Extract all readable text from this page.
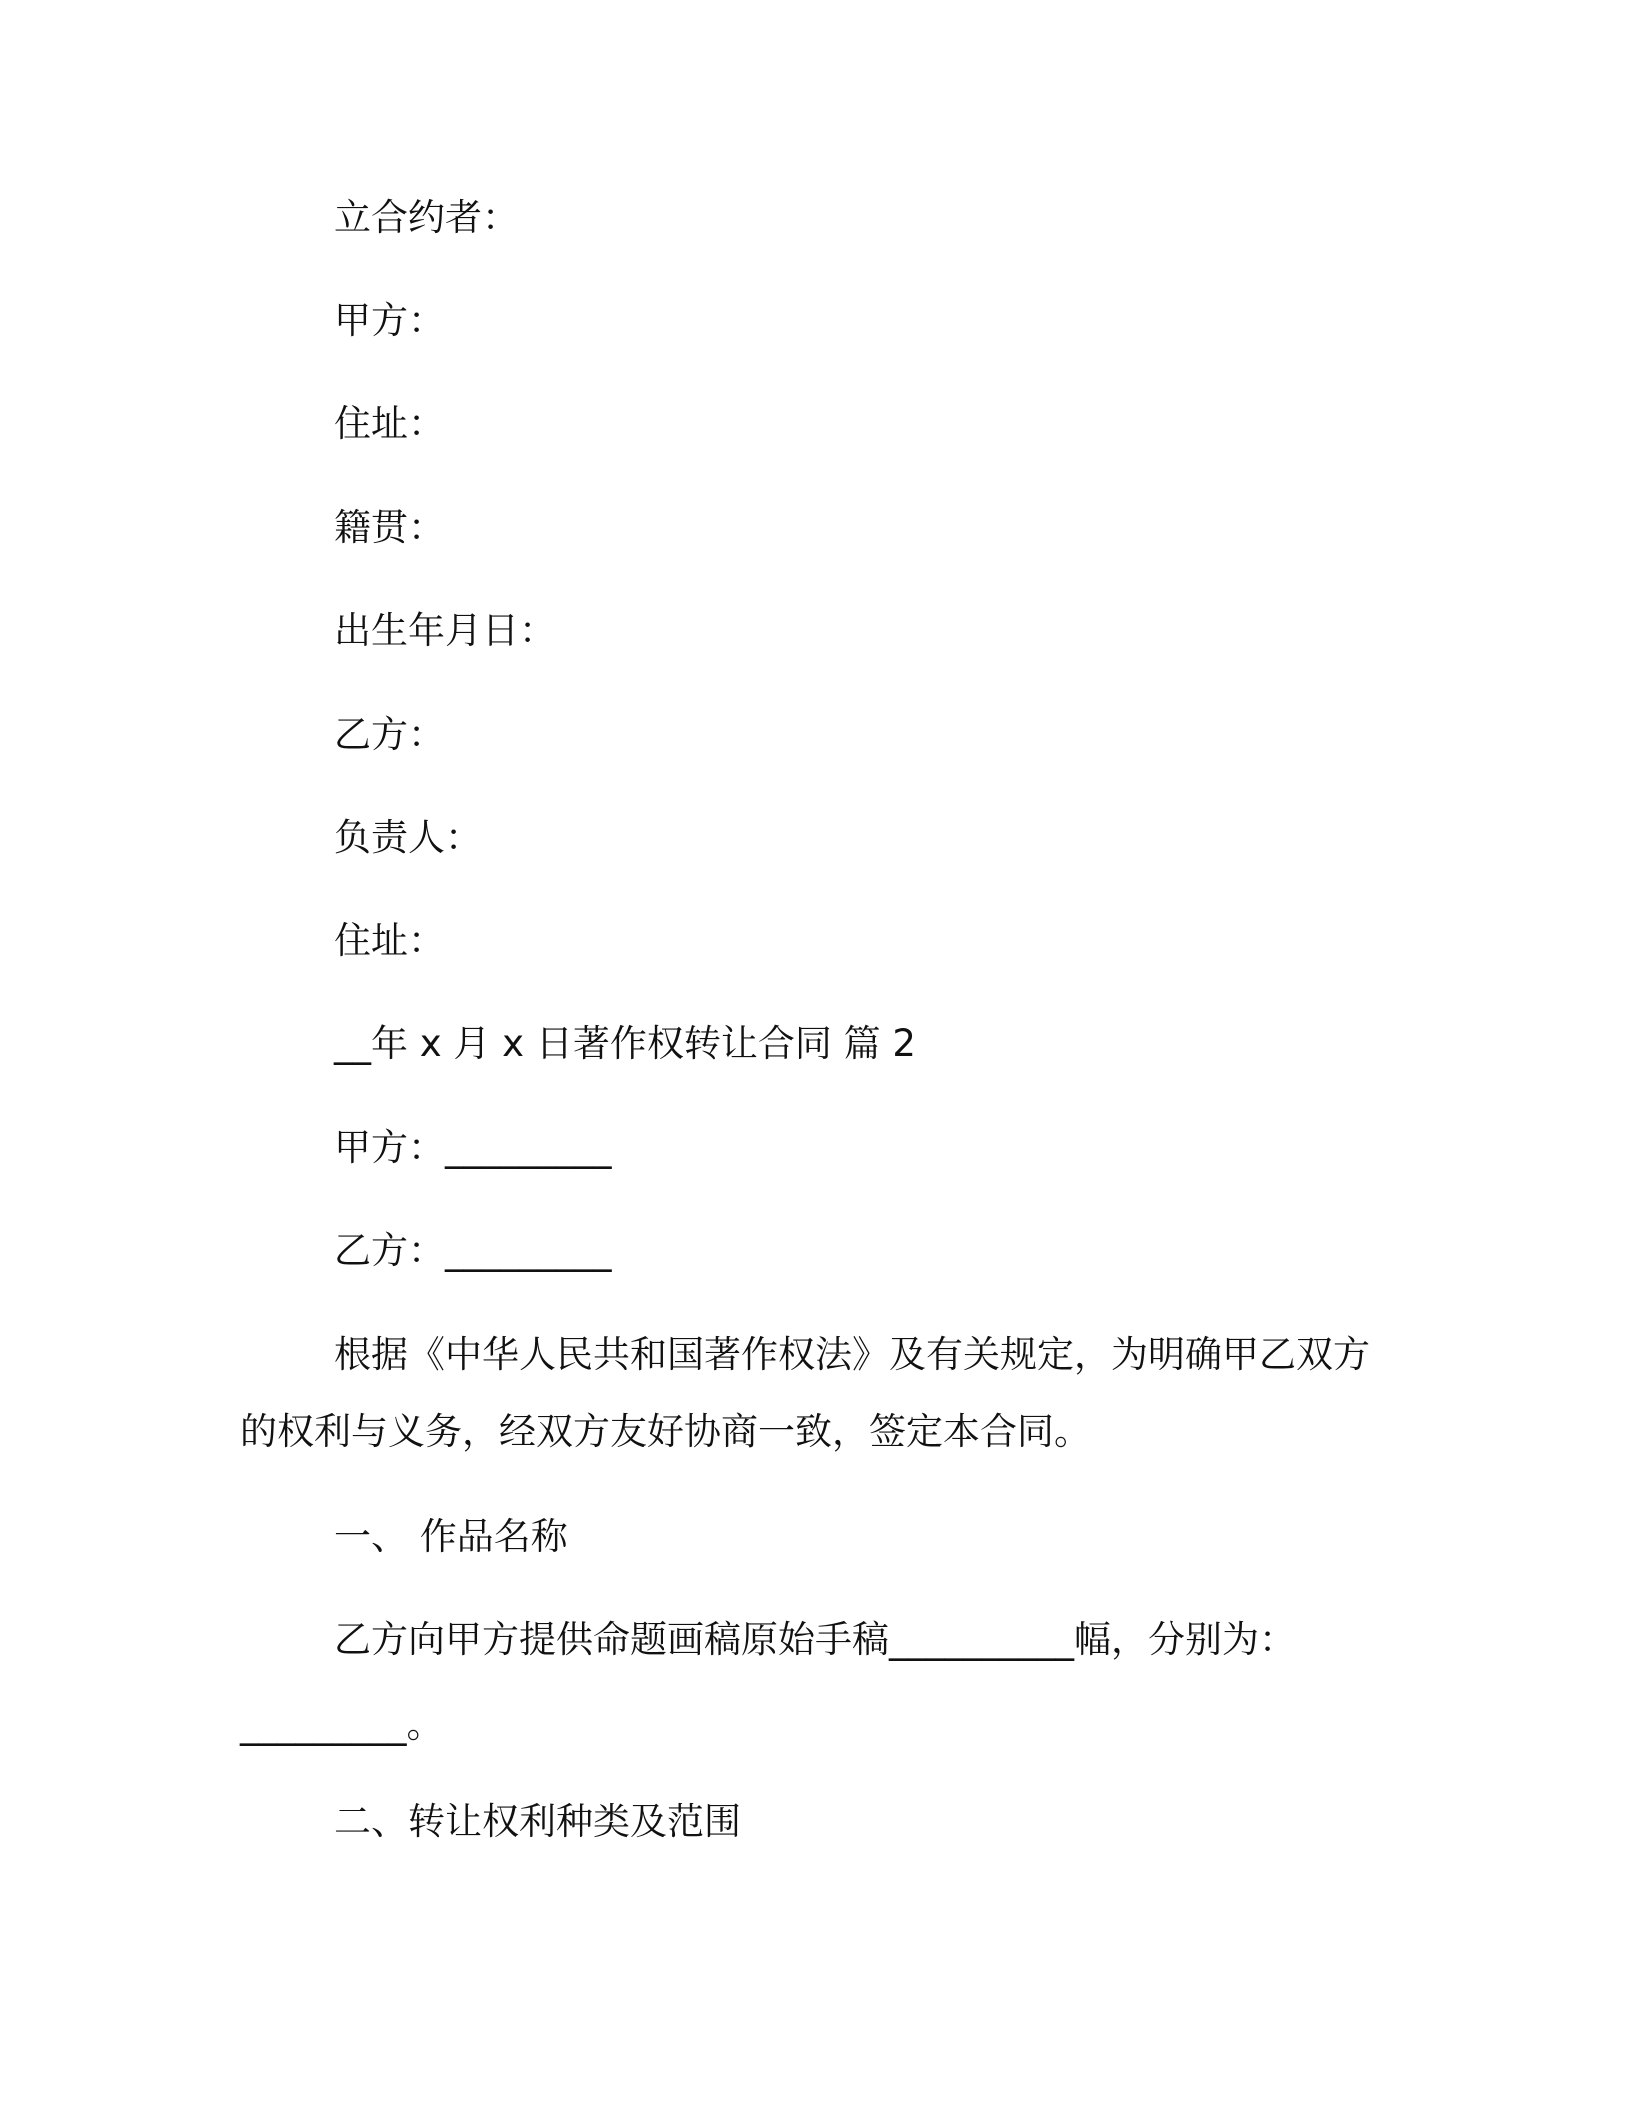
立合约者：
甲方：
住址：
籍贯：
出生年月日：
乙方：
负责人：
住址：
__年 x 月 x 日著作权转让合同 篇 2
甲方：_________
乙方：_________
根据《中华人民共和国著作权法》及有关规定，为明确甲乙双方
的权利与义务，经双方友好协商一致，签定本合同。
一、 作品名称
乙方向甲方提供命题画稿原始手稿__________幅，分别为：
_________。
二、转让权利种类及范围
